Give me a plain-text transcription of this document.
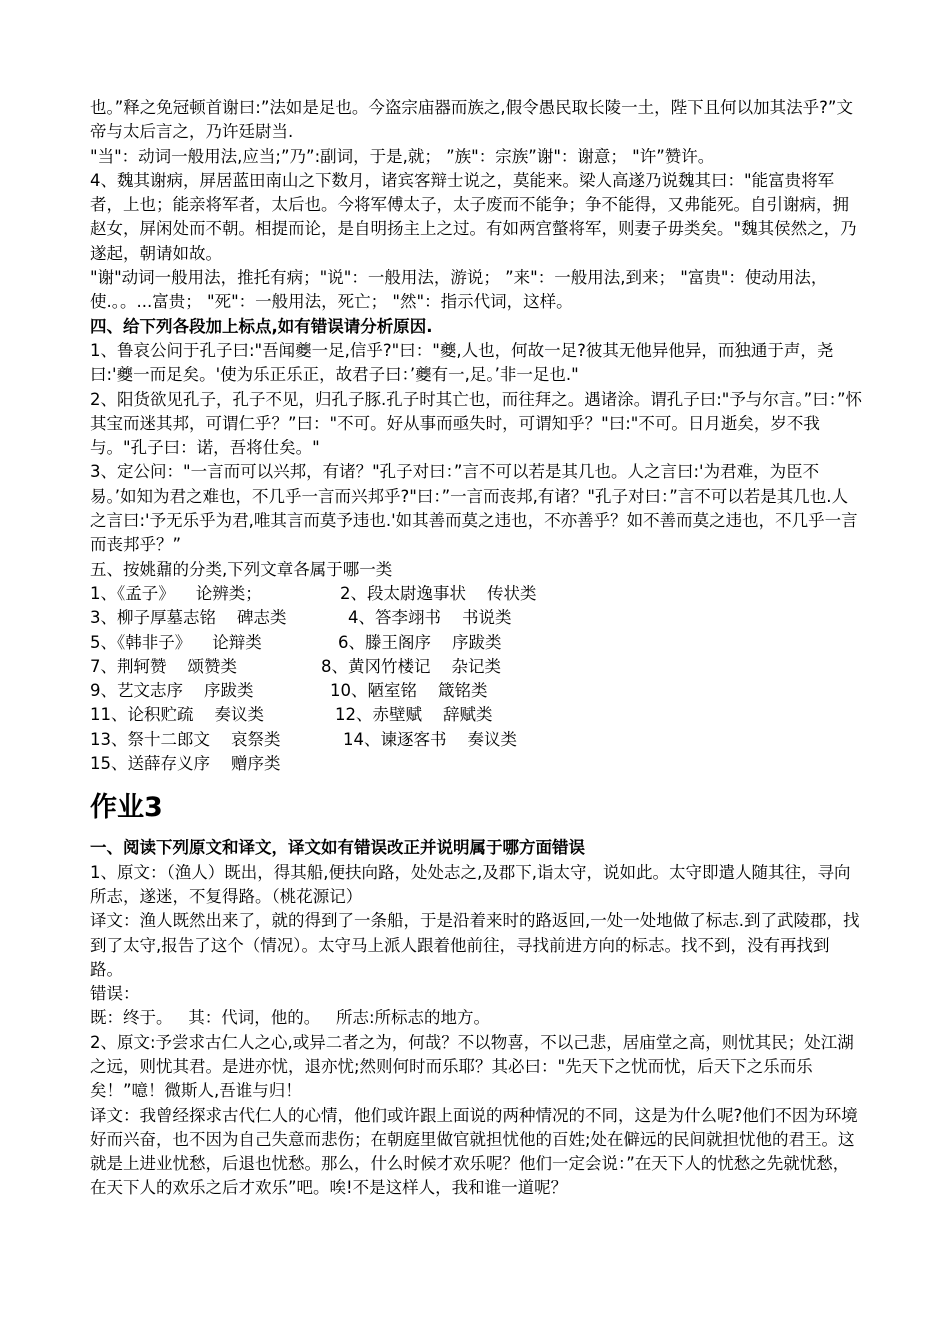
也。”释之免冠顿首谢曰:”法如是足也。今盗宗庙器而族之,假令愚民取长陵一土，陛下且何以加其法乎?”文帝与太后言之，乃许廷尉当.

"当"：动词一般用法,应当;”乃”:副词，于是,就； ”族"：宗族”谢"：谢意； "许”赞许。

4、魏其谢病，屏居蓝田南山之下数月，诸宾客辩士说之，莫能来。梁人高遂乃说魏其曰："能富贵将军者，上也；能亲将军者，太后也。今将军傅太子，太子废而不能争；争不能得，又弗能死。自引谢病，拥赵女，屏闲处而不朝。相提而论，是自明扬主上之过。有如两宫螫将军，则妻子毋类矣。"魏其侯然之，乃遂起，朝请如故。

"谢"动词一般用法，推托有病；"说"：一般用法，游说； ”来"：一般用法,到来； "富贵"：使动用法，使.。。...富贵； "死"：一般用法，死亡； "然"：指示代词，这样。

四、给下列各段加上标点,如有错误请分析原因.

1、鲁哀公问于孔子曰:"吾闻夔一足,信乎?"曰："夔,人也，何故一足?彼其无他异他异，而独通于声，尧曰:'夔一而足矣。'使为乐正乐正，故君子曰：’夔有一,足。’非一足也."

2、阳货欲见孔子，孔子不见，归孔子豚.孔子时其亡也，而往拜之。遇诸涂。谓孔子曰:"予与尔言。”曰：”怀其宝而迷其邦，可谓仁乎？”曰："不可。好从事而亟失时，可谓知乎？"曰:"不可。日月逝矣，岁不我与。"孔子曰：诺，吾将仕矣。"

3、定公问："一言而可以兴邦，有诸？"孔子对曰：”言不可以若是其几也。人之言曰:'为君难，为臣不易。’如知为君之难也，不几乎一言而兴邦乎?"曰：”一言而丧邦,有诸？"孔子对曰：”言不可以若是其几也.人之言曰:'予无乐乎为君,唯其言而莫予违也.'如其善而莫之违也，不亦善乎？如不善而莫之违也，不几乎一言而丧邦乎？”

五、按姚鼐的分类,下列文章各属于哪一类

1、《孟子》    论辨类；	2、段太尉逸事状    传状类
3、柳子厚墓志铭    碑志类	4、答李翊书    书说类
5、《韩非子》    论辩类	6、滕王阁序    序跋类
7、荆轲赞    颂赞类	8、黄冈竹楼记    杂记类
9、艺文志序    序跋类	10、陋室铭    箴铭类
11、论积贮疏    奏议类	12、赤壁赋    辞赋类
13、祭十二郎文    哀祭类	14、谏逐客书    奏议类
15、送薛存义序    赠序类
作业3

一、阅读下列原文和译文，译文如有错误改正并说明属于哪方面错误

1、原文：（渔人）既出，得其船,便扶向路，处处志之,及郡下,诣太守，说如此。太守即遣人随其往，寻向所志，遂迷，不复得路。（桃花源记）

译文：渔人既然出来了，就的得到了一条船，于是沿着来时的路返回,一处一处地做了标志.到了武陵郡，找到了太守,报告了这个（情况）。太守马上派人跟着他前往，寻找前进方向的标志。找不到，没有再找到路。

错误：

既：终于。   其：代词，他的。   所志:所标志的地方。

2、原文:予尝求古仁人之心,或异二者之为，何哉？不以物喜，不以己悲，居庙堂之高，则忧其民；处江湖之远，则忧其君。是进亦忧，退亦忧;然则何时而乐耶？其必曰："先天下之忧而忧，后天下之乐而乐矣！”噫！微斯人,吾谁与归！

译文：我曾经探求古代仁人的心情，他们或许跟上面说的两种情况的不同，这是为什么呢?他们不因为环境好而兴奋，也不因为自己失意而悲伤；在朝庭里做官就担忧他的百姓;处在僻远的民间就担忧他的君王。这就是上进业忧愁，后退也忧愁。那么，什么时候才欢乐呢？他们一定会说：”在天下人的忧愁之先就忧愁，在天下人的欢乐之后才欢乐”吧。唉!不是这样人，我和谁一道呢？
